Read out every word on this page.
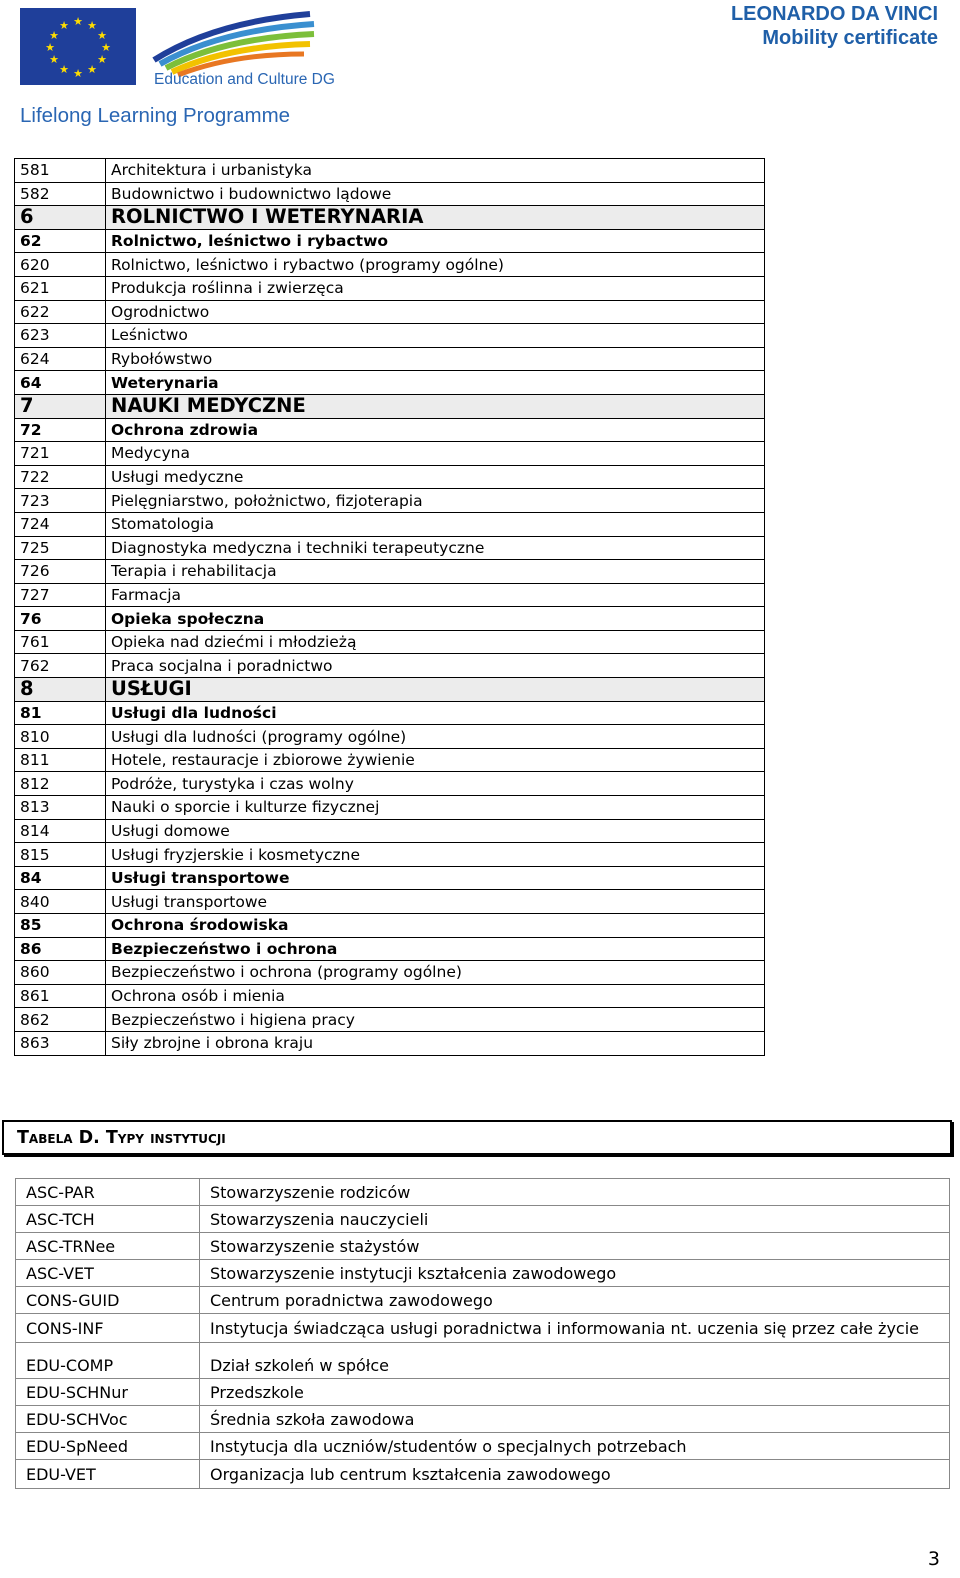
★ ★
★
★
★
★
★
★
★
★
★
★
Education and Culture DG
Lifelong Learning Programme
LEONARDO DA VINCI
Mobility certificate
581	Architektura i urbanistyka
582	Budownictwo i budownictwo lądowe
6	ROLNICTWO I WETERYNARIA
62	Rolnictwo, leśnictwo i rybactwo
620	Rolnictwo, leśnictwo i rybactwo (programy ogólne)
621	Produkcja roślinna i zwierzęca
622	Ogrodnictwo
623	Leśnictwo
624	Rybołówstwo
64	Weterynaria
7	NAUKI MEDYCZNE
72	Ochrona zdrowia
721	Medycyna
722	Usługi medyczne
723	Pielęgniarstwo, położnictwo, fizjoterapia
724	Stomatologia
725	Diagnostyka medyczna i techniki terapeutyczne
726	Terapia i rehabilitacja
727	Farmacja
76	Opieka społeczna
761	Opieka nad dziećmi i młodzieżą
762	Praca socjalna i poradnictwo
8	USŁUGI
81	Usługi dla ludności
810	Usługi dla ludności (programy ogólne)
811	Hotele, restauracje i zbiorowe żywienie
812	Podróże, turystyka i czas wolny
813	Nauki o sporcie i kulturze fizycznej
814	Usługi domowe
815	Usługi fryzjerskie i kosmetyczne
84	Usługi transportowe
840	Usługi transportowe
85	Ochrona środowiska
86	Bezpieczeństwo i ochrona
860	Bezpieczeństwo i ochrona (programy ogólne)
861	Ochrona osób i mienia
862	Bezpieczeństwo i higiena pracy
863	Siły zbrojne i obrona kraju
Tabela D. Typy instytucji
ASC-PAR	Stowarzyszenie rodziców
ASC-TCH	Stowarzyszenia nauczycieli
ASC-TRNee	Stowarzyszenie stażystów
ASC-VET	Stowarzyszenie instytucji kształcenia zawodowego
CONS-GUID	Centrum poradnictwa zawodowego
CONS-INF	Instytucja świadcząca usługi poradnictwa i informowania nt. uczenia się przez całe życie
EDU-COMP	Dział szkoleń w spółce
EDU-SCHNur	Przedszkole
EDU-SCHVoc	Średnia szkoła zawodowa
EDU-SpNeed	Instytucja dla uczniów/studentów o specjalnych potrzebach
EDU-VET	Organizacja lub centrum kształcenia zawodowego
3
